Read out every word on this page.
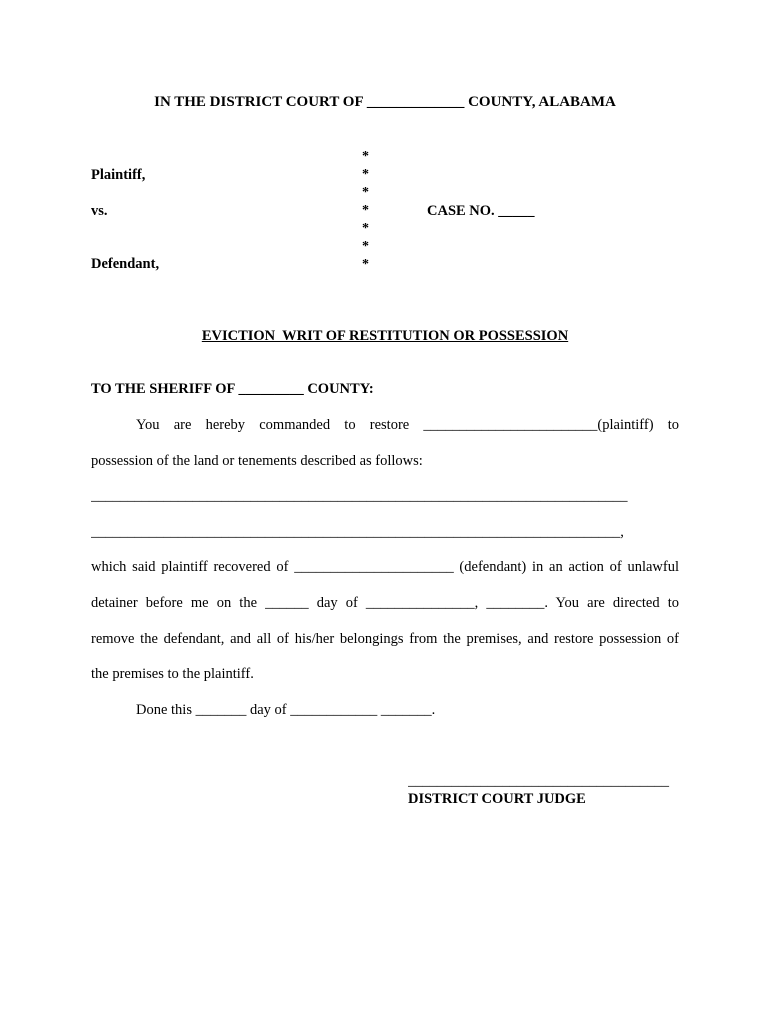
IN THE DISTRICT COURT OF _____________ COUNTY, ALABAMA
Plaintiff,
vs.
Defendant,
*
*
*
*
*
*
*
CASE NO. _____
EVICTION  WRIT OF RESTITUTION OR POSSESSION
TO THE SHERIFF OF _________ COUNTY:
You are hereby commanded to restore ________________________(plaintiff) to
possession of the land or tenements described as follows:
__________________________________________________________________________
_________________________________________________________________________,
which said plaintiff recovered of ______________________ (defendant) in an action of unlawful
detainer before me on the ______ day of _______________, ________. You are directed to
remove the defendant, and all of his/her belongings from the premises, and restore possession of
the premises to the plaintiff.
Done this _______ day of ____________ _______.
____________________________________
DISTRICT COURT JUDGE
